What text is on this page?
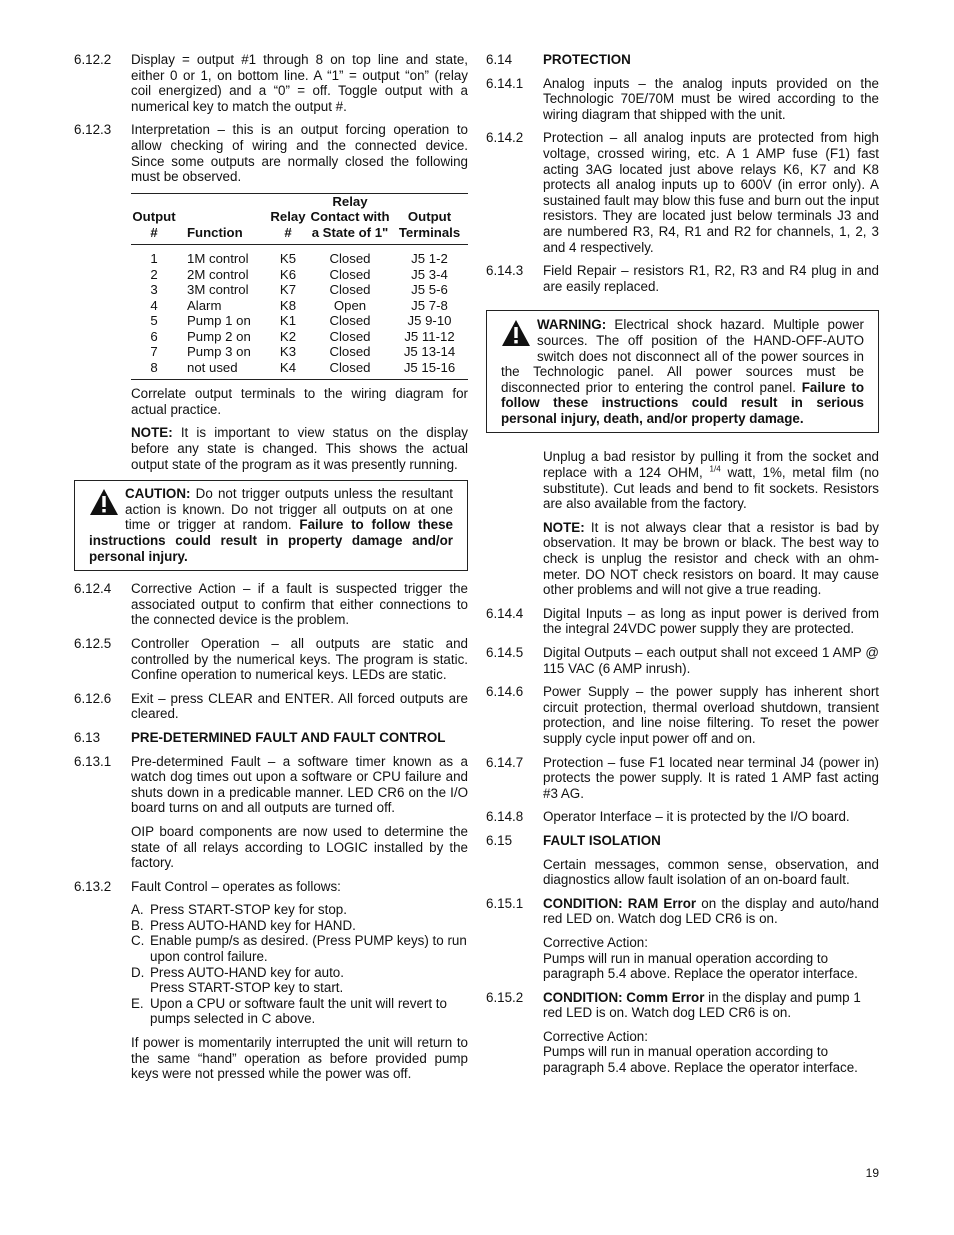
6.12.2	Display = output #1 through 8 on top line and state, either 0 or 1, on bottom line. A “1” = output “on” (relay coil energized) and a “0” = off. Toggle output with a numerical key to match the output #.
6.12.3	Interpretation – this is an output forcing operation to allow checking of wiring and the connected device. Since some outputs are normally closed the following must be observed.
Output #	Function	Relay #	Relay Contact with a State of 1"	Output Terminals
1	1M control	K5	Closed	J5 1-2
2	2M control	K6	Closed	J5 3-4
3	3M control	K7	Closed	J5 5-6
4	Alarm	K8	Open	J5 7-8
5	Pump 1 on	K1	Closed	J5 9-10
6	Pump 2 on	K2	Closed	J5 11-12
7	Pump 3 on	K3	Closed	J5 13-14
8	not used	K4	Closed	J5 15-16
Correlate output terminals to the wiring diagram for actual practice.
NOTE: It is important to view status on the display before any state is changed. This shows the actual output state of the program as it was presently running.
CAUTION: Do not trigger outputs unless the resultant action is known. Do not trigger all outputs on at one time or trigger at random. Failure to follow these instructions could result in property damage and/or personal injury.
6.12.4	Corrective Action – if a fault is suspected trigger the associated output to confirm that either connections to the connected device is the problem.
6.12.5	Controller Operation – all outputs are static and controlled by the numerical keys. The program is static. Confine operation to numerical keys. LEDs are static.
6.12.6	Exit – press CLEAR and ENTER. All forced outputs are cleared.
6.13	PRE-DETERMINED FAULT AND FAULT CONTROL
6.13.1	Pre-determined Fault – a software timer known as a watch dog times out upon a software or CPU failure and shuts down in a predicable manner. LED CR6 on the I/O board turns on and all outputs are turned off.
OIP board components are now used to determine the state of all relays according to LOGIC installed by the factory.
6.13.2	Fault Control – operates as follows:
A. Press START-STOP key for stop.
B. Press AUTO-HAND key for HAND.
C. Enable pump/s as desired. (Press PUMP keys) to run upon control failure.
D. Press AUTO-HAND key for auto.
Press START-STOP key to start.
E. Upon a CPU or software fault the unit will revert to pumps selected in C above.
If power is momentarily interrupted the unit will return to the same “hand” operation as before provided pump keys were not pressed while the power was off.
6.14	PROTECTION
6.14.1	Analog inputs – the analog inputs provided on the Technologic 70E/70M must be wired according to the wiring diagram that shipped with the unit.
6.14.2	Protection – all analog inputs are protected from high voltage, crossed wiring, etc. A 1 AMP fuse (F1) fast acting 3AG located just above relays K6, K7 and K8 protects all analog inputs up to 600V (in error only). A sustained fault may blow this fuse and burn out the input resistors. They are located just below terminals J3 and are numbered R3, R4, R1 and R2 for channels, 1, 2, 3 and 4 respectively.
6.14.3	Field Repair – resistors R1, R2, R3 and R4 plug in and are easily replaced.
WARNING: Electrical shock hazard. Multiple power sources. The off position of the HAND-OFF-AUTO switch does not disconnect all of the power sources in the Technologic panel. All power sources must be disconnected prior to entering the control panel. Failure to follow these instructions could result in serious personal injury, death, and/or property damage.
Unplug a bad resistor by pulling it from the socket and replace with a 124 OHM, $^{1/4}$ watt, 1%, metal film (no substitute). Cut leads and bend to fit sockets. Resistors are also available from the factory.
NOTE: It is not always clear that a resistor is bad by observation. It may be brown or black. The best way to check is unplug the resistor and check with an ohm-meter. DO NOT check resistors on board. It may cause other problems and will not give a true reading.
6.14.4	Digital Inputs – as long as input power is derived from the integral 24VDC power supply they are protected.
6.14.5	Digital Outputs – each output shall not exceed 1 AMP @ 115 VAC (6 AMP inrush).
6.14.6	Power Supply – the power supply has inherent short circuit protection, thermal overload shutdown, transient protection, and line noise filtering. To reset the power supply cycle input power off and on.
6.14.7	Protection – fuse F1 located near terminal J4 (power in) protects the power supply. It is rated 1 AMP fast acting #3 AG.
6.14.8	Operator Interface – it is protected by the I/O board.
6.15	FAULT ISOLATION
Certain messages, common sense, observation, and diagnostics allow fault isolation of an on-board fault.
6.15.1	CONDITION: RAM Error on the display and auto/hand red LED on. Watch dog LED CR6 is on.
Corrective Action:
Pumps will run in manual operation according to paragraph 5.4 above. Replace the operator interface.
6.15.2	CONDITION: Comm Error in the display and pump 1 red LED is on. Watch dog LED CR6 is on.
Corrective Action:
Pumps will run in manual operation according to paragraph 5.4 above. Replace the operator interface.
19
